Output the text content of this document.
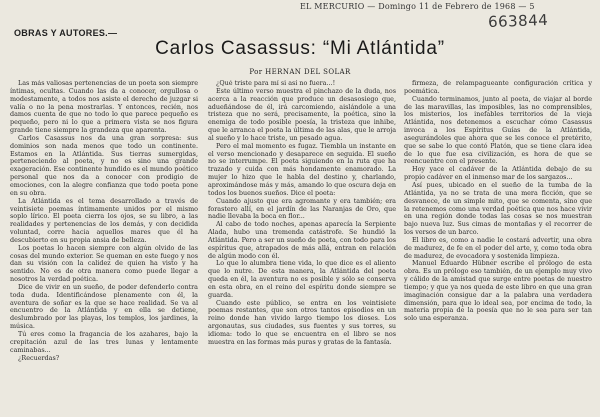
EL MERCURIO — Domingo 11 de Febrero de 1968 — 5
663844
OBRAS Y AUTORES.—
Carlos Casassus: “Mi Atlántida”
Por HERNAN DEL SOLAR

Las más valiosas pertenencias de un poeta son siempre íntimas, ocultas. Cuando las da a conocer, orgullosa o modestamente, a todos nos asiste el derecho de juzgar si valía o no la pena mostrarlas. Y entonces, recién, nos damos cuenta de que no todo lo que parece pequeño es pequeño, pero ni lo que a primera vista se nos figura grande tiene siempre la grandeza que aparenta.

Carlos Casassus nos da una gran sorpresa: sus dominios son nada menos que todo un continente. Estamos en la Atlántida. Sus tierras sumergidas, perteneciendo al poeta, y no es sino una grande exageración. Ese continente hundido es el mundo poético personal que nos da a conocer con prodigio de emociones, con la alegre confianza que todo poeta pone en su obra.

La Atlántida es el tema desarrollado a través de veintisiete poemas íntimamente unidos por el mismo soplo lírico. El poeta cierra los ojos, se su libro, a las realidades y pertenencias de los demás, y con decidida voluntad, corre hacia aquellos mares que él ha descubierto en su propia ansia de belleza.

Los poetas lo hacen siempre con algún olvido de las cosas del mundo exterior. Se queman en este fuego y nos dan su visión con la calidez de quien ha visto y ha sentido. No es de otra manera como puede llegar a nosotros la verdad poética.

Dice de vivir en un sueño, de poder defenderlo contra toda duda. Identificándose plenamente con él, la aventura de soñar es la que se hace realidad. Se va al encuentro de la Atlántida y en ella se detiene, deslumbrado por las playas, los templos, los jardines, la música.

Tú eres como la fragancia de los azahares, bajo la crepitación azul de las tres lunas y lentamente caminabas...

¿Recuerdas?

¿Qué triste para mí si así no fuera...!

Este último verso muestra el pinchazo de la duda, nos acerca a la reacción que produce un desasosiego que, adueñándose de él, irá carcomiendo, aislándole a una tristeza que no será, precisamente, la poética, sino la enemiga de todo posible poesía, la tristeza que inhibe, que le arranca el poeta la última de las alas, que le arroja al sueño y lo hace triste, un pesado agua.

Pero el mal momento es fugaz. Tiembla un instante en el verso mencionado y desaparece en seguida. El sueño no se interrumpe. El poeta siguiendo en la ruta que ha trazado y cuida con más hondamente enamorado. La mujer lo hizo que le habla del destino y, charlando, aproximándose más y más, amando lo que oscura deja en todos los buenos sueños. Dice el poeta:

Cuando ajusto que era agromante y era también; era forastero allí, en el jardín de las Naranjas de Oro, que nadie llevaba la boca en flor...

Al cabo de todo noches, apenas aparecía la Serpiente Alada, hubo una tremenda catástrofe. Se hundió la Atlántida. Pero a ser un sueño de poeta, con todo para los espíritus que, atrapados de más allá, entran en relación de algún modo con él.

Lo que lo alumbra tiene vida, lo que dice es el aliento que lo nutre. De esta manera, la Atlántida del poeta queda en él, la aventura no es posible y sólo se conserva en esta obra, en el reino del espíritu donde siempre se guarda.

Cuando este público, se entra en los veintisiete poemas restantes, que son otros tantos episodios en un reino donde han vivido largo tiempo los dioses. Los argonautas, sus ciudades, sus fuentes y sus torres, su idioma: todo lo que se encuentra en el libro se nos muestra en las formas más puras y gratas de la fantasía.

firmeza, de relampagueante configuración crítica y poemática.

Cuando terminamos, junto al poeta, de viajar al borde de las maravillas, las imposibles, las no comprensibles, los misterios, los inefables territorios de la vieja Atlántida, nos detenemos a escuchar cómo Casassus invoca a los Espíritus Guías de la Atlántida, asegurándoles que ahora que se les conoce el pretérito, que se sabe lo que contó Platón, que se tiene clara idea de lo que fue esa civilización, es hora de que se reencuentre con el presente.

Hoy yace el cadáver de la Atlántida debajo de su propio cadáver en el inmenso mar de los sargazos...

Así pues, ubicado en el sueño de la tumba de la Atlántida, ya no se trata de una mera ficción, que se desvanece, de un simple mito, que se comenta, sino que la retenemos como una verdad poética que nos hace vivir en una región donde todas las cosas se nos muestran bajo nueva luz. Sus cimas de montañas y el recorrer de los versos de un barco.

El libro es, como a nadie le costará advertir, una obra de madurez, de fe en el poder del arte, y, como toda obra de madurez, de evocadora y sostenida limpieza.

Manuel Eduardo Hübner escribe el prólogo de esta obra. Es un prólogo eso también, de un ejemplo muy vivo y cálido de la amistad que surge entre poetas de nuestro tiempo; y que ya nos queda de este libro en que una gran imaginación consigue dar a la palabra una verdadera dimensión, para que lo ideal sea, por encima de todo, la materia propia de la poesía que no le sea para ser tan solo una esperanza.
